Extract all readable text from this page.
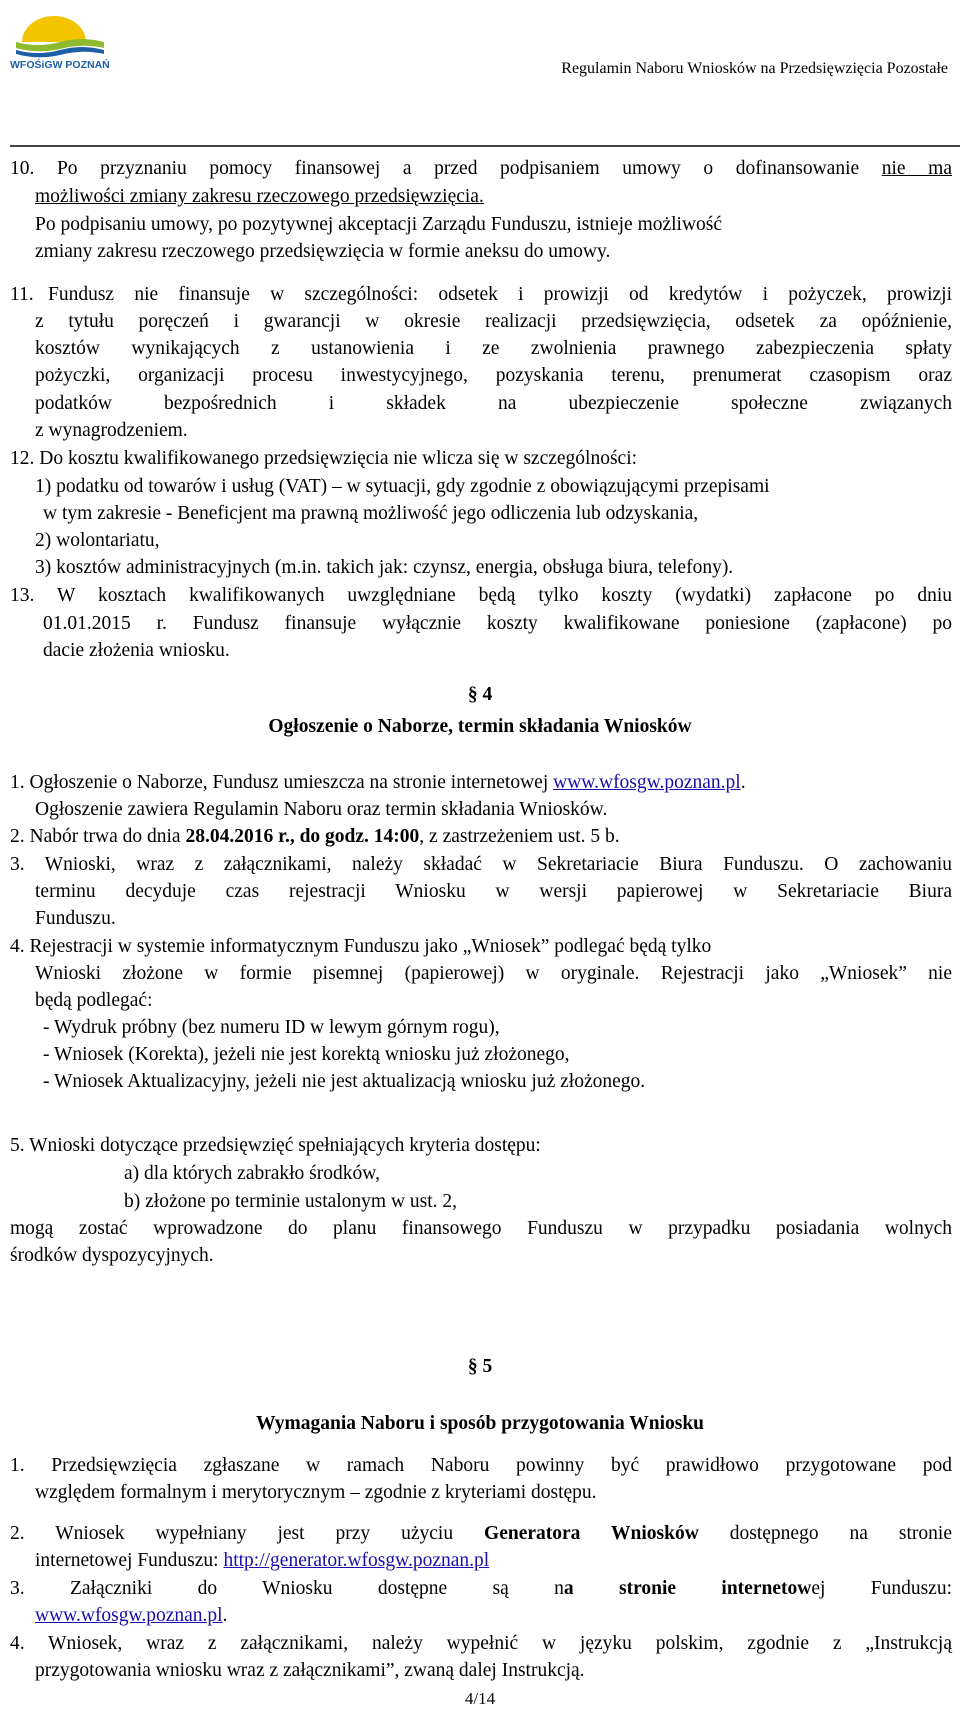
WFOŚiGW POZNAŃ	Regulamin Naboru Wniosków na Przedsięwzięcia Pozostałe
10. Po przyznaniu pomocy finansowej a przed podpisaniem umowy o dofinansowanie nie ma
możliwości zmiany zakresu rzeczowego przedsięwzięcia.
Po podpisaniu umowy, po pozytywnej akceptacji Zarządu Funduszu, istnieje możliwość
zmiany zakresu rzeczowego przedsięwzięcia w formie aneksu do umowy.
11. Fundusz nie finansuje w szczególności: odsetek i prowizji od kredytów i pożyczek, prowizji
z tytułu poręczeń i gwarancji w okresie realizacji przedsięwzięcia, odsetek za opóźnienie,
kosztów wynikających z ustanowienia i ze zwolnienia prawnego zabezpieczenia spłaty
pożyczki, organizacji procesu inwestycyjnego, pozyskania terenu, prenumerat czasopism oraz
podatków bezpośrednich i składek na ubezpieczenie społeczne związanych
z wynagrodzeniem.
12. Do kosztu kwalifikowanego przedsięwzięcia nie wlicza się w szczególności:
1) podatku od towarów i usług (VAT) – w sytuacji, gdy zgodnie z obowiązującymi przepisami
w tym zakresie - Beneficjent ma prawną możliwość jego odliczenia lub odzyskania,
2) wolontariatu,
3) kosztów administracyjnych (m.in. takich jak: czynsz, energia, obsługa biura, telefony).
13. W kosztach kwalifikowanych uwzględniane będą tylko koszty (wydatki) zapłacone po dniu
01.01.2015 r. Fundusz finansuje wyłącznie koszty kwalifikowane poniesione (zapłacone) po
dacie złożenia wniosku.
§ 4
Ogłoszenie o Naborze, termin składania Wniosków
1. Ogłoszenie o Naborze, Fundusz umieszcza na stronie internetowej www.wfosgw.poznan.pl.
Ogłoszenie zawiera Regulamin Naboru oraz termin składania Wniosków.
2. Nabór trwa do dnia 28.04.2016 r., do godz. 14:00, z zastrzeżeniem ust. 5 b.
3. Wnioski, wraz z załącznikami, należy składać w Sekretariacie Biura Funduszu. O zachowaniu
terminu decyduje czas rejestracji Wniosku w wersji papierowej w Sekretariacie Biura
Funduszu.
4. Rejestracji w systemie informatycznym Funduszu jako „Wniosek” podlegać będą tylko
Wnioski złożone w formie pisemnej (papierowej) w oryginale. Rejestracji jako „Wniosek” nie
będą podlegać:
- Wydruk próbny (bez numeru ID w lewym górnym rogu),
- Wniosek (Korekta), jeżeli nie jest korektą wniosku już złożonego,
- Wniosek Aktualizacyjny, jeżeli nie jest aktualizacją wniosku już złożonego.
5. Wnioski dotyczące przedsięwzięć spełniających kryteria dostępu:
a) dla których zabrakło środków,
b) złożone po terminie ustalonym w ust. 2,
mogą zostać wprowadzone do planu finansowego Funduszu w przypadku posiadania wolnych
środków dyspozycyjnych.
§ 5
Wymagania Naboru i sposób przygotowania Wniosku
1. Przedsięwzięcia zgłaszane w ramach Naboru powinny być prawidłowo przygotowane pod
względem formalnym i merytorycznym – zgodnie z kryteriami dostępu.
2. Wniosek wypełniany jest przy użyciu Generatora Wniosków dostępnego na stronie
internetowej Funduszu: http://generator.wfosgw.poznan.pl
3. Załączniki do Wniosku dostępne są na stronie internetowej Funduszu:
www.wfosgw.poznan.pl.
4. Wniosek, wraz z załącznikami, należy wypełnić w języku polskim, zgodnie z „Instrukcją
przygotowania wniosku wraz z załącznikami”, zwaną dalej Instrukcją.
4/14
